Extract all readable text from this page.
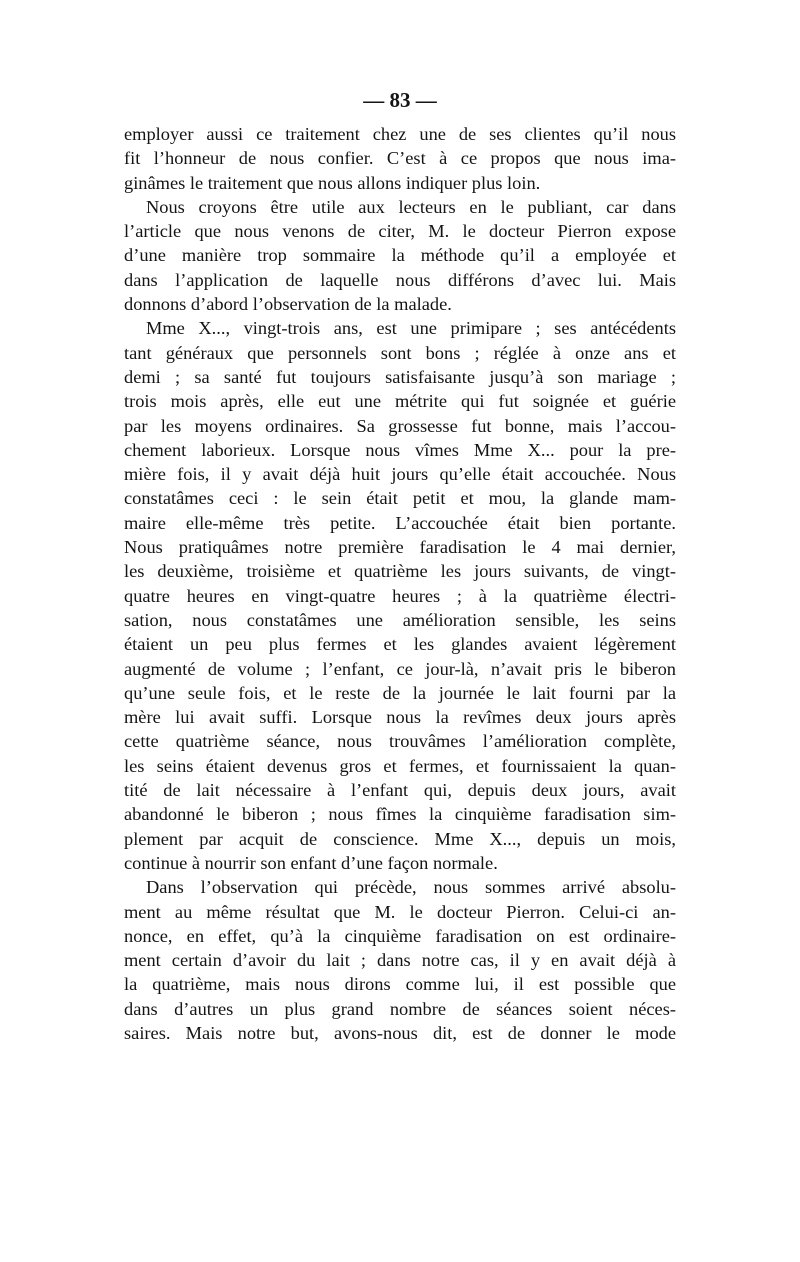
— 83 —
employer aussi ce traitement chez une de ses clientes qu’il nous
fit l’honneur de nous confier. C’est à ce propos que nous ima-
ginâmes le traitement que nous allons indiquer plus loin.
Nous croyons être utile aux lecteurs en le publiant, car dans
l’article que nous venons de citer, M. le docteur Pierron expose
d’une manière trop sommaire la méthode qu’il a employée et
dans l’application de laquelle nous différons d’avec lui. Mais
donnons d’abord l’observation de la malade.
Mme X..., vingt-trois ans, est une primipare ; ses antécédents
tant généraux que personnels sont bons ; réglée à onze ans et
demi ; sa santé fut toujours satisfaisante jusqu’à son mariage ;
trois mois après, elle eut une métrite qui fut soignée et guérie
par les moyens ordinaires. Sa grossesse fut bonne, mais l’accou-
chement laborieux. Lorsque nous vîmes Mme X... pour la pre-
mière fois, il y avait déjà huit jours qu’elle était accouchée. Nous
constatâmes ceci : le sein était petit et mou, la glande mam-
maire elle-même très petite. L’accouchée était bien portante.
Nous pratiquâmes notre première faradisation le 4 mai dernier,
les deuxième, troisième et quatrième les jours suivants, de vingt-
quatre heures en vingt-quatre heures ; à la quatrième électri-
sation, nous constatâmes une amélioration sensible, les seins
étaient un peu plus fermes et les glandes avaient légèrement
augmenté de volume ; l’enfant, ce jour-là, n’avait pris le biberon
qu’une seule fois, et le reste de la journée le lait fourni par la
mère lui avait suffi. Lorsque nous la revîmes deux jours après
cette quatrième séance, nous trouvâmes l’amélioration complète,
les seins étaient devenus gros et fermes, et fournissaient la quan-
tité de lait nécessaire à l’enfant qui, depuis deux jours, avait
abandonné le biberon ; nous fîmes la cinquième faradisation sim-
plement par acquit de conscience. Mme X..., depuis un mois,
continue à nourrir son enfant d’une façon normale.
Dans l’observation qui précède, nous sommes arrivé absolu-
ment au même résultat que M. le docteur Pierron. Celui-ci an-
nonce, en effet, qu’à la cinquième faradisation on est ordinaire-
ment certain d’avoir du lait ; dans notre cas, il y en avait déjà à
la quatrième, mais nous dirons comme lui, il est possible que
dans d’autres un plus grand nombre de séances soient néces-
saires. Mais notre but, avons-nous dit, est de donner le mode
